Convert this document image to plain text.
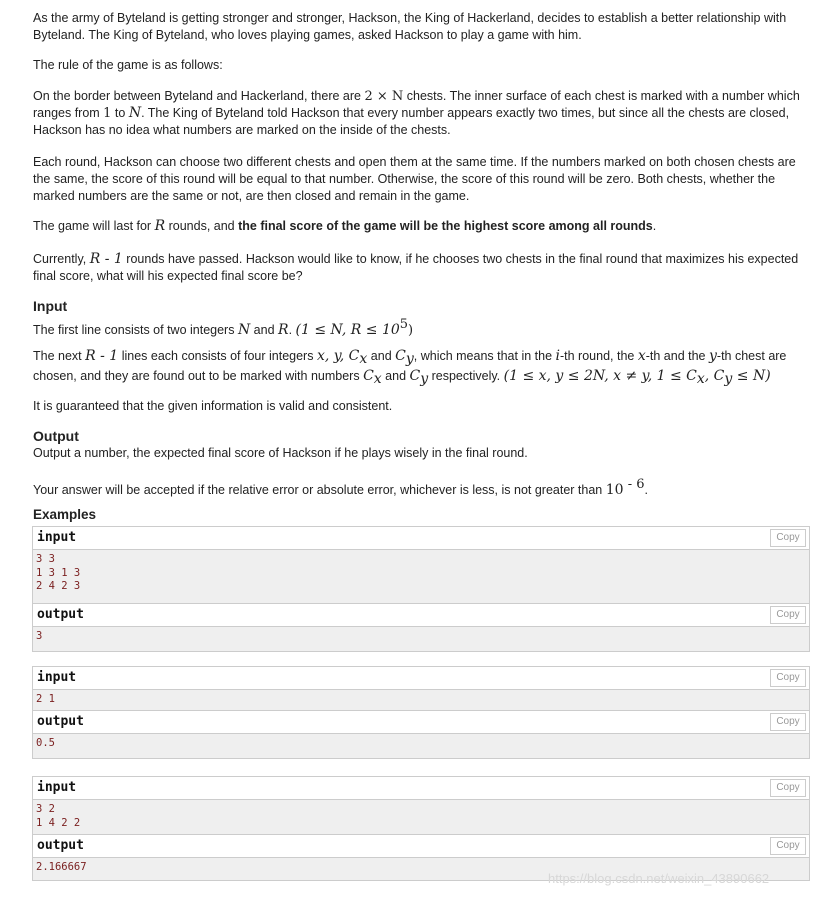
As the army of Byteland is getting stronger and stronger, Hackson, the King of Hackerland, decides to establish a better relationship with Byteland. The King of Byteland, who loves playing games, asked Hackson to play a game with him.

The rule of the game is as follows:

On the border between Byteland and Hackerland, there are 2 × N chests. The inner surface of each chest is marked with a number which ranges from 1 to N. The King of Byteland told Hackson that every number appears exactly two times, but since all the chests are closed, Hackson has no idea what numbers are marked on the inside of the chests.

Each round, Hackson can choose two different chests and open them at the same time. If the numbers marked on both chosen chests are the same, the score of this round will be equal to that number. Otherwise, the score of this round will be zero. Both chests, whether the marked numbers are the same or not, are then closed and remain in the game.

The game will last for R rounds, and the final score of the game will be the highest score among all rounds.

Currently, R - 1 rounds have passed. Hackson would like to know, if he chooses two chests in the final round that maximizes his expected final score, what will his expected final score be?

Input

The first line consists of two integers N and R. (1 ≤ N, $R \le 10^5$)

The next R - 1 lines each consists of four integers x, y, $C_x$ and $C_y$, which means that in the i-th round, the x-th and the y-th chest are chosen, and they are found out to be marked with numbers $C_x$ and $C_y$ respectively. (1 ≤ x, y ≤ 2N, x ≠ y, $1 \le C_x$, $C_y \le N$)

It is guaranteed that the given information is valid and consistent.

Output

Output a number, the expected final score of Hackson if he plays wisely in the final round.

Your answer will be accepted if the relative error or absolute error, whichever is less, is not greater than 10 $^{- 6}$.

Examples
input	Copy
3 3
1 3 1 3
2 4 2 3
output	Copy
3
input	Copy
2 1
output	Copy
0.5
input	Copy
3 2
1 4 2 2
output	Copy
2.166667
https://blog.csdn.net/weixin_43890662
